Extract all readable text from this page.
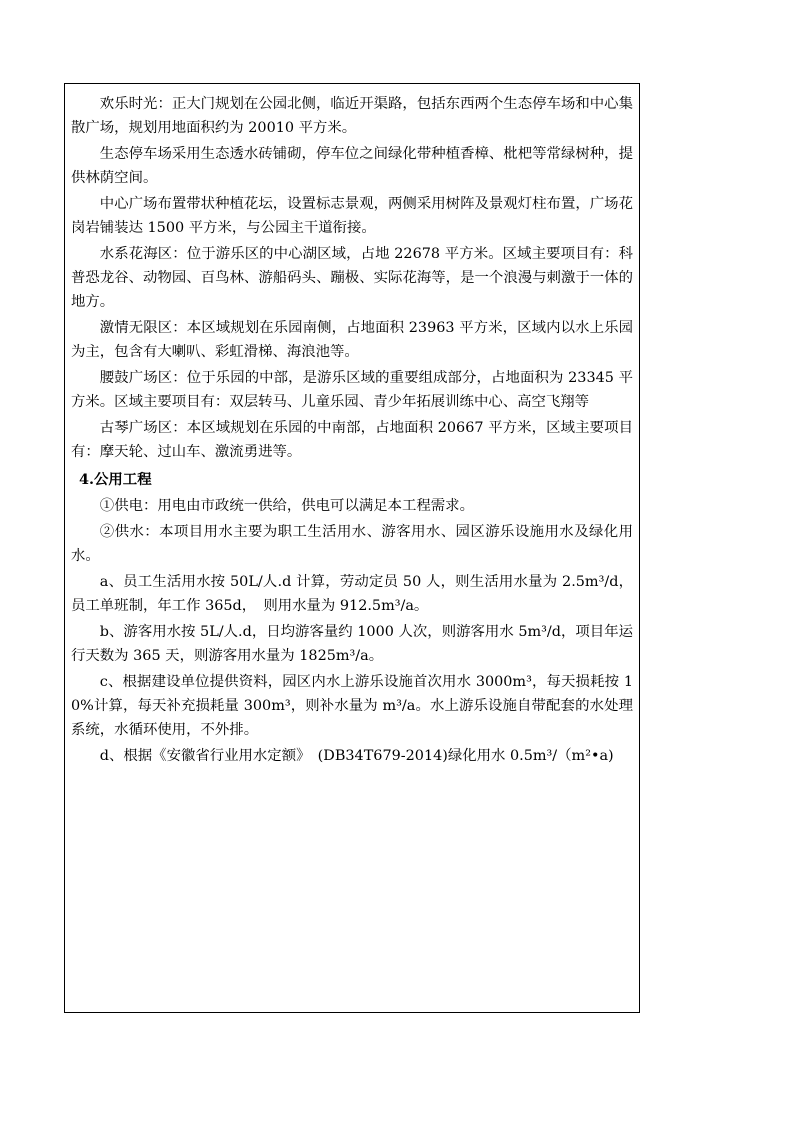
欢乐时光：正大门规划在公园北侧，临近开渠路，包括东西两个生态停车场和中心集散广场，规划用地面积约为 20010 平方米。

生态停车场采用生态透水砖铺砌，停车位之间绿化带种植香樟、枇杷等常绿树种，提供林荫空间。

中心广场布置带状种植花坛，设置标志景观，两侧采用树阵及景观灯柱布置，广场花岗岩铺装达 1500 平方米，与公园主干道衔接。

水系花海区：位于游乐区的中心湖区域，占地 22678 平方米。区域主要项目有：科普恐龙谷、动物园、百鸟林、游船码头、蹦极、实际花海等，是一个浪漫与刺激于一体的地方。

激情无限区：本区域规划在乐园南侧，占地面积 23963 平方米，区域内以水上乐园为主，包含有大喇叭、彩虹滑梯、海浪池等。

腰鼓广场区：位于乐园的中部，是游乐区域的重要组成部分，占地面积为 23345 平方米。区域主要项目有：双层转马、儿童乐园、青少年拓展训练中心、高空飞翔等

古琴广场区：本区域规划在乐园的中南部，占地面积 20667 平方米，区域主要项目有：摩天轮、过山车、激流勇进等。

4.公用工程

①供电：用电由市政统一供给，供电可以满足本工程需求。

②供水：本项目用水主要为职工生活用水、游客用水、园区游乐设施用水及绿化用水。

a、员工生活用水按 50L/人.d 计算，劳动定员 50 人，则生活用水量为 2.5m³/d，员工单班制，年工作 365d，　则用水量为 912.5m³/a。

b、游客用水按 5L/人.d，日均游客量约 1000 人次，则游客用水 5m³/d，项目年运行天数为 365 天，则游客用水量为 1825m³/a。

c、根据建设单位提供资料，园区内水上游乐设施首次用水 3000m³，每天损耗按 10%计算，每天补充损耗量 300m³，则补水量为 m³/a。水上游乐设施自带配套的水处理系统，水循环使用，不外排。

d、根据《安徽省行业用水定额》　(DB34T679-2014)绿化用水 0.5m³/（m²•a)
